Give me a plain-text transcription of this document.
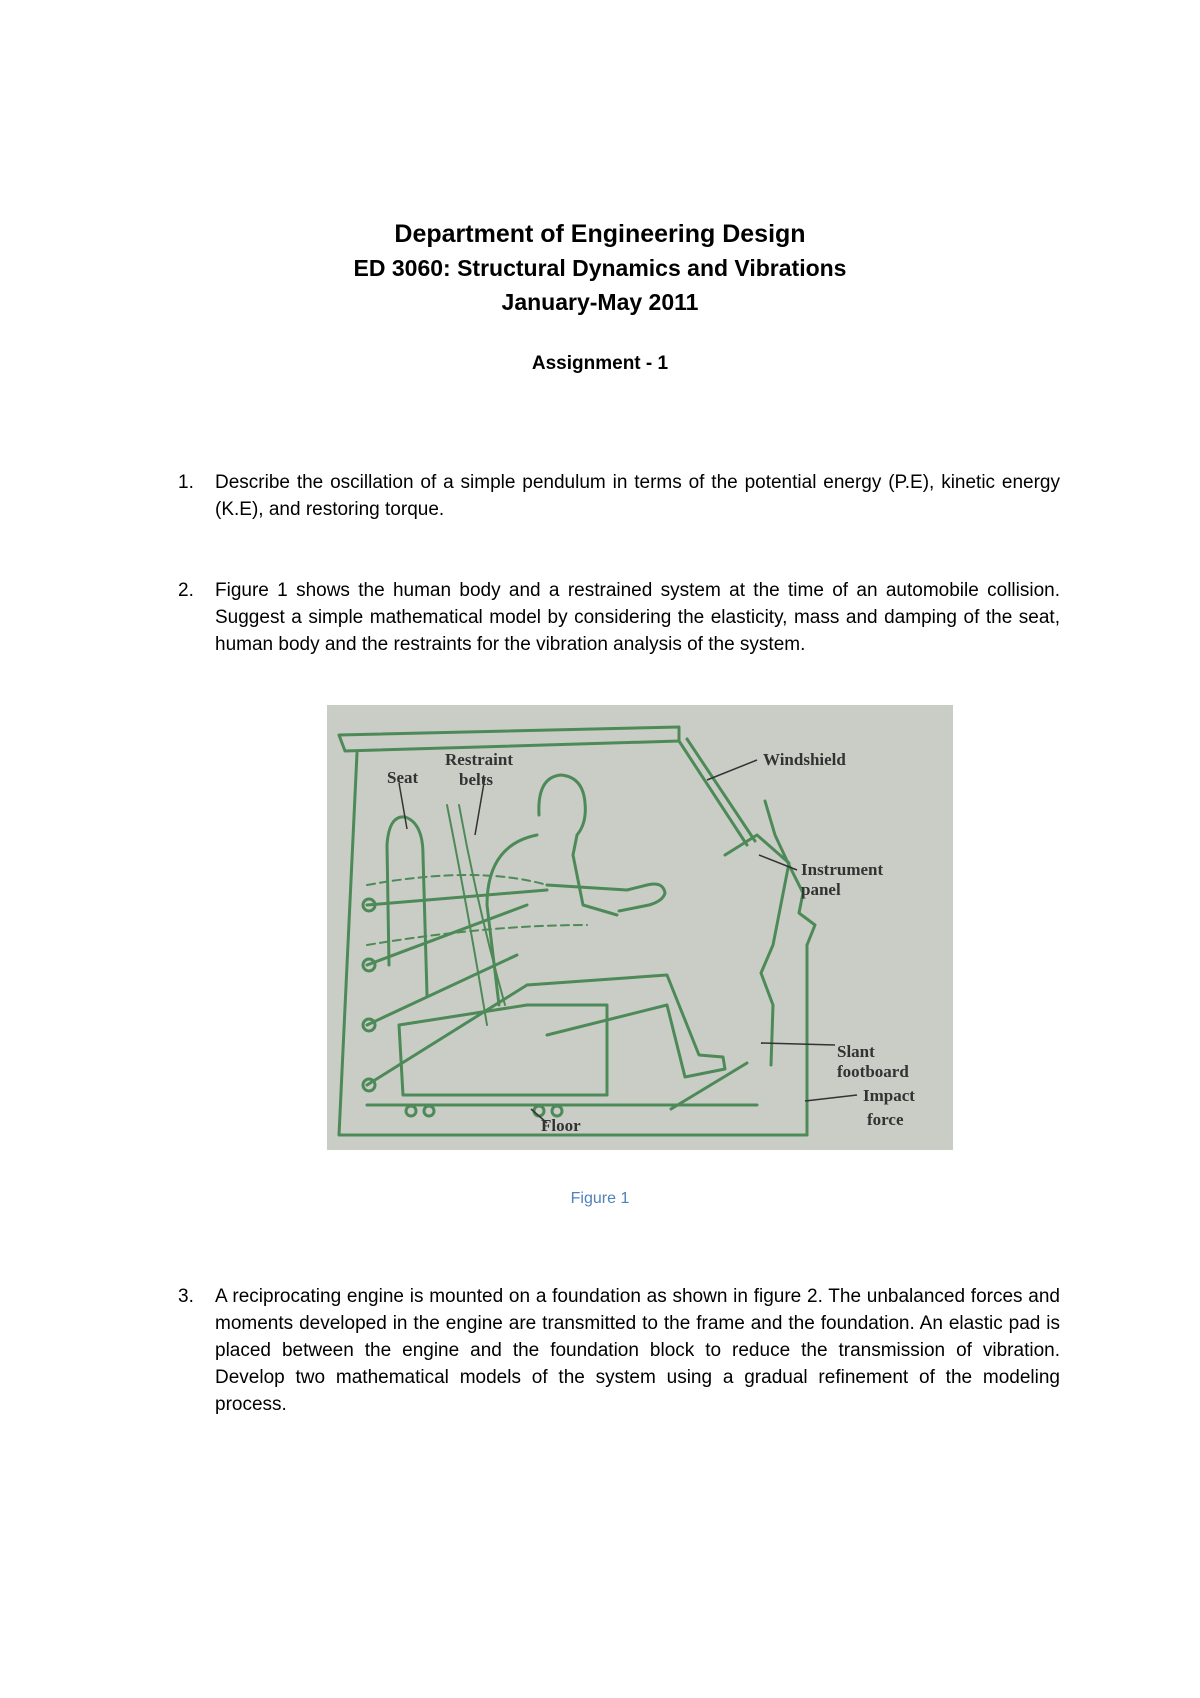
Department of Engineering Design
ED 3060: Structural Dynamics and Vibrations
January-May 2011
Assignment - 1
1.	Describe the oscillation of a simple pendulum in terms of the potential energy (P.E), kinetic energy (K.E), and restoring torque.
2.	Figure 1 shows the human body and a restrained system at the time of an automobile collision. Suggest a simple mathematical model by considering the elasticity, mass and damping of the seat, human body and the restraints for the vibration analysis of the system.
Seat
Restraint
belts
Windshield
Instrument
panel
Slant
footboard
Impact
force
Floor
Figure 1
3.	A reciprocating engine is mounted on a foundation as shown in figure 2. The unbalanced forces and moments developed in the engine are transmitted to the frame and the foundation. An elastic pad is placed between the engine and the foundation block to reduce the transmission of vibration. Develop two mathematical models of the system using a gradual refinement of the modeling process.
